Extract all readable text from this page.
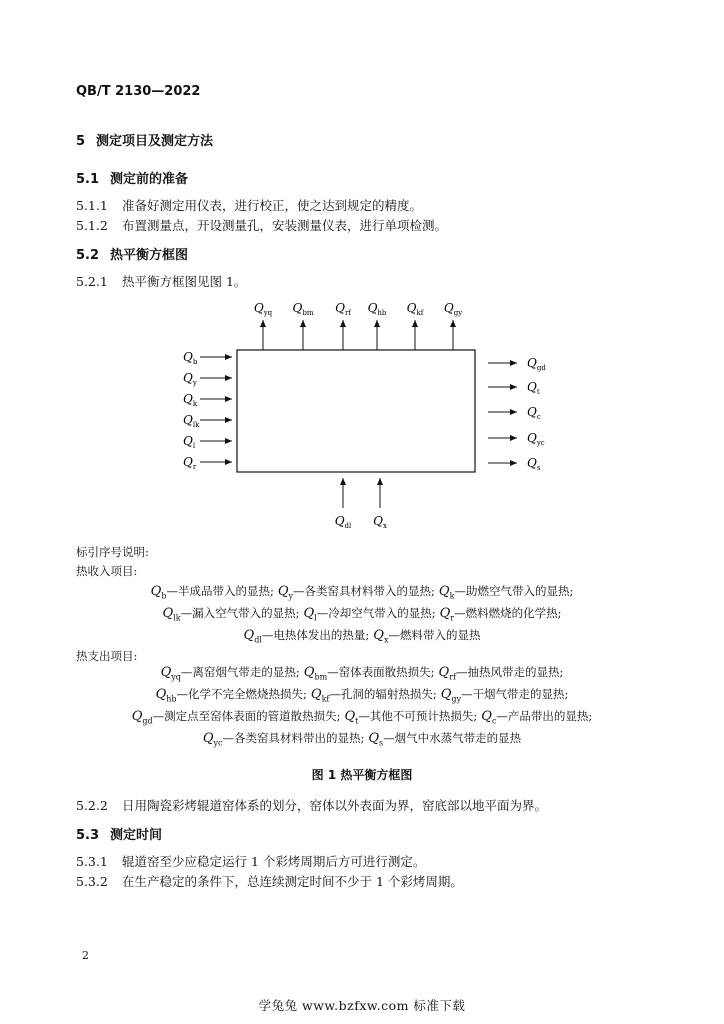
QB/T 2130—2022
5 测定项目及测定方法
5.1 测定前的准备
5.1.1 准备好测定用仪表，进行校正，使之达到规定的精度。
5.1.2 布置测量点，开设测量孔，安装测量仪表，进行单项检测。
5.2 热平衡方框图
5.2.1 热平衡方框图见图 1。
$Q_{yq}$ $Q_{bm}$ $Q_{rf}$ $Q_{hb}$ $Q_{kf}$ $Q_{gy}$
$Q_b$
$Q_y$
$Q_k$
$Q_{lk}$
$Q_l$
$Q_r$
$Q_{gd}$
$Q_t$
$Q_c$
$Q_{yc}$
$Q_s$
$Q_{dl}$ $Q_x$
标引序号说明:
热收入项目:
$Q_b—$半成品带入的显热; $Q_y—$各类窑具材料带入的显热; $Q_k—$助燃空气带入的显热;
$Q_{lk}—$漏入空气带入的显热; $Q_l—$冷却空气带入的显热; $Q_r—$燃料燃烧的化学热;
$Q_{dl}—$电热体发出的热量; $Q_x—$燃料带入的显热
热支出项目:
$Q_{yq}—$离窑烟气带走的显热; $Q_{bm}—$窑体表面散热损失; $Q_{rf}—$抽热风带走的显热;
$Q_{hb}—$化学不完全燃烧热损失; $Q_{kf}—$孔洞的辐射热损失; $Q_{gy}—$干烟气带走的显热;
$Q_{gd}—$测定点至窑体表面的管道散热损失; $Q_t—$其他不可预计热损失; $Q_c—$产品带出的显热;
$Q_{yc}—$各类窑具材料带出的显热; $Q_s—$烟气中水蒸气带走的显热
图 1 热平衡方框图
5.2.2 日用陶瓷彩烤辊道窑体系的划分，窑体以外表面为界，窑底部以地平面为界。
5.3 测定时间
5.3.1 辊道窑至少应稳定运行 1 个彩烤周期后方可进行测定。
5.3.2 在生产稳定的条件下，总连续测定时间不少于 1 个彩烤周期。
2
学兔兔 www.bzfxw.com 标准下载
